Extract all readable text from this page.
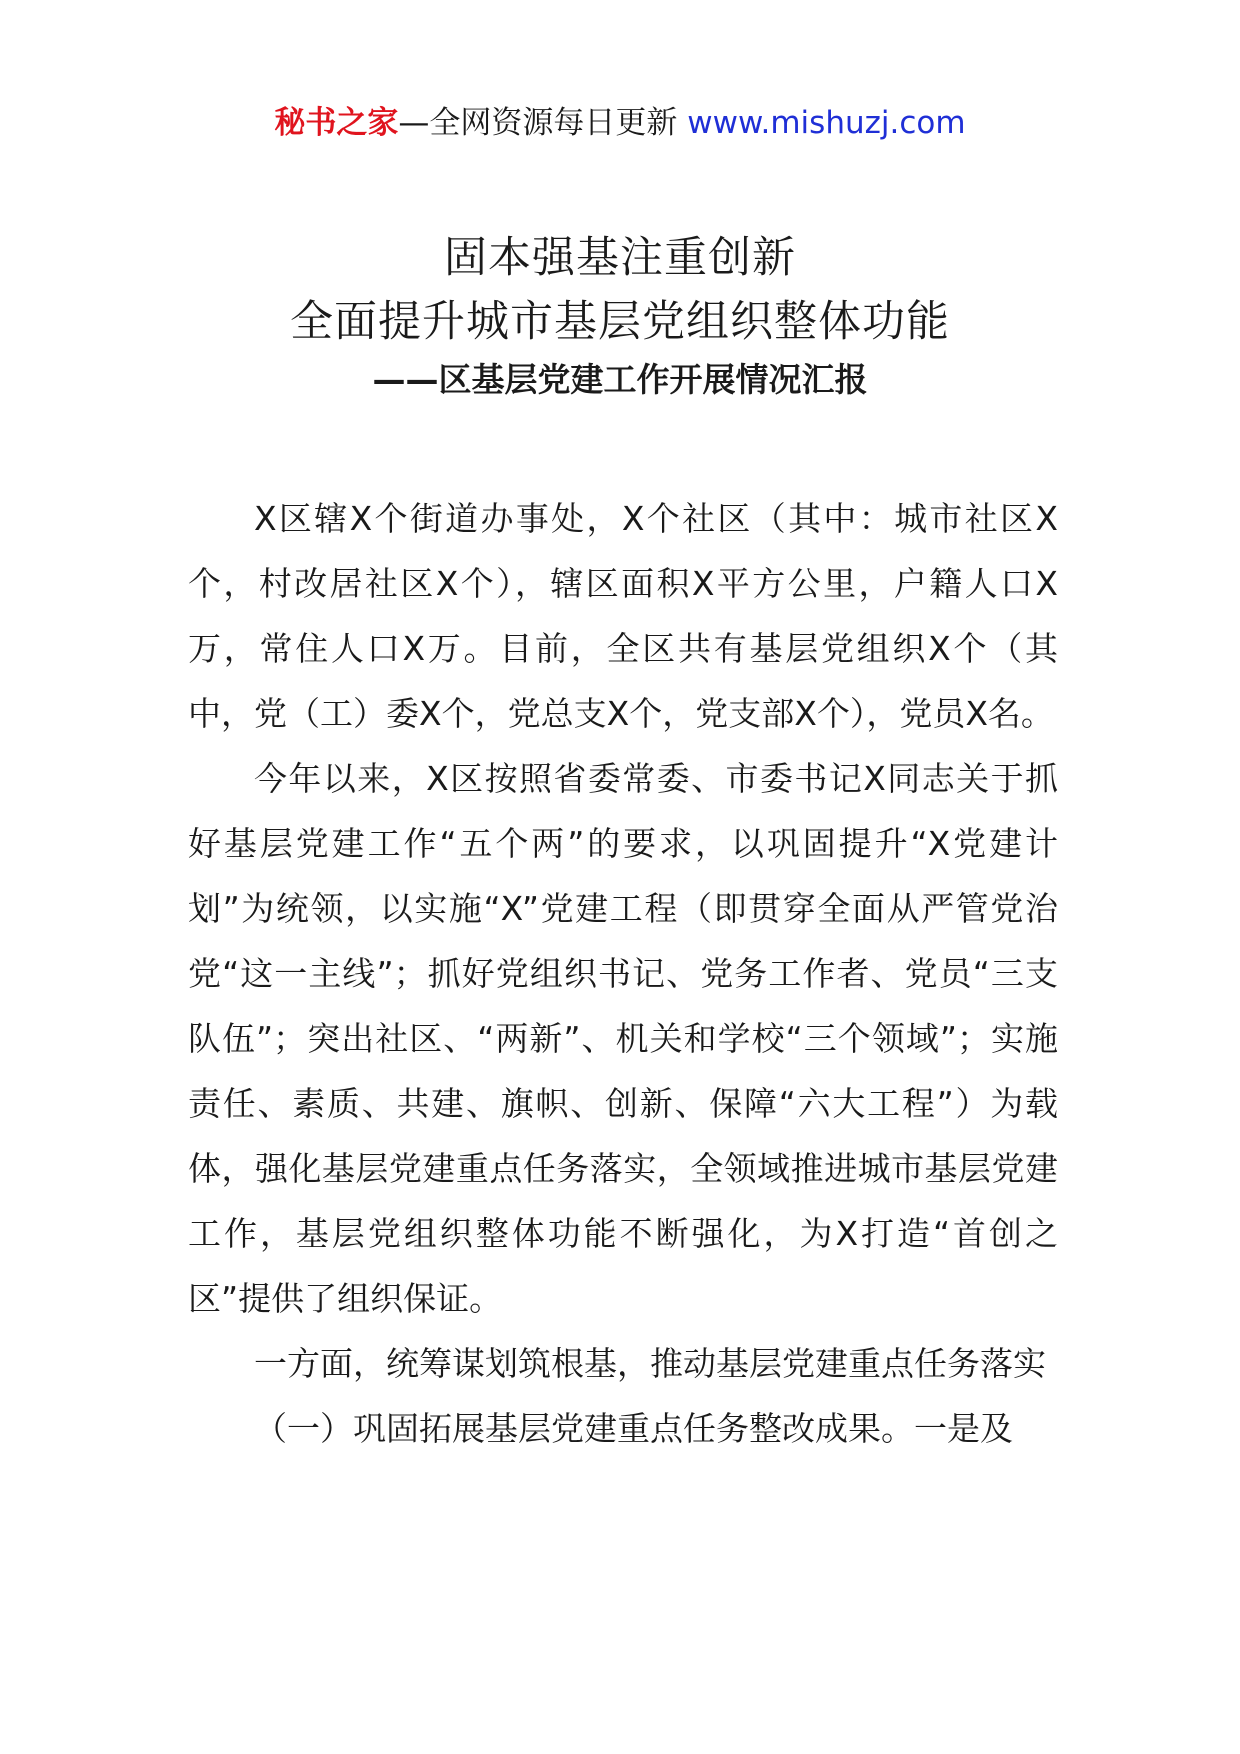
秘书之家—全网资源每日更新 www.mishuzj.com
固本强基注重创新
全面提升城市基层党组织整体功能
——区基层党建工作开展情况汇报

X区辖X个街道办事处，X个社区（其中：城市社区X个，村改居社区X个），辖区面积X平方公里，户籍人口X万，常住人口X万。目前，全区共有基层党组织X个（其中，党（工）委X个，党总支X个，党支部X个），党员X名。

今年以来，X区按照省委常委、市委书记X同志关于抓好基层党建工作“五个两”的要求，以巩固提升“X党建计划”为统领，以实施“X”党建工程（即贯穿全面从严管党治党“这一主线”；抓好党组织书记、党务工作者、党员“三支队伍”；突出社区、“两新”、机关和学校“三个领域”；实施责任、素质、共建、旗帜、创新、保障“六大工程”）为载体，强化基层党建重点任务落实，全领域推进城市基层党建工作，基层党组织整体功能不断强化，为X打造“首创之区”提供了组织保证。

一方面，统筹谋划筑根基，推动基层党建重点任务落实

（一）巩固拓展基层党建重点任务整改成果。一是及
